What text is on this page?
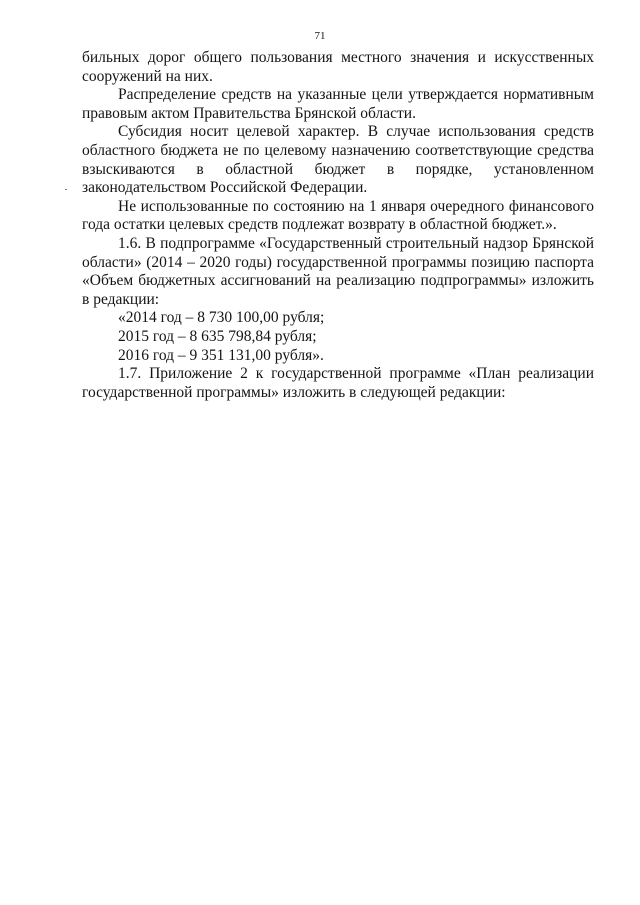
71

бильных дорог общего пользования местного значения и искусственных сооружений на них.

Распределение средств на указанные цели утверждается нормативным правовым актом Правительства Брянской области.

Субсидия носит целевой характер. В случае использования средств областного бюджета не по целевому назначению соответствующие средства взыскиваются в областной бюджет в порядке, установленном законодательством Российской Федерации.

Не использованные по состоянию на 1 января очередного финансового года остатки целевых средств подлежат возврату в областной бюджет.».

1.6. В подпрограмме «Государственный строительный надзор Брянской области» (2014 – 2020 годы) государственной программы позицию паспорта «Объем бюджетных ассигнований на реализацию подпрограммы» изложить в редакции:

«2014 год – 8 730 100,00 рубля;

2015 год – 8 635 798,84 рубля;

2016 год – 9 351 131,00 рубля».

1.7. Приложение 2 к государственной программе «План реализации государственной программы» изложить в следующей редакции:
